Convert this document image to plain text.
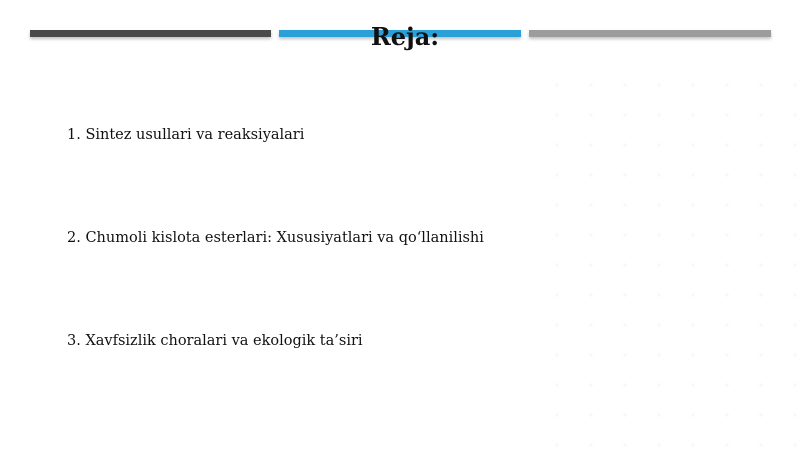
Reja:
1. Sintez usullari va reaksiyalari
2. Chumoli kislota esterlari: Xususiyatlari va qo‘llanilishi
3. Xavfsizlik choralari va ekologik ta’siri
